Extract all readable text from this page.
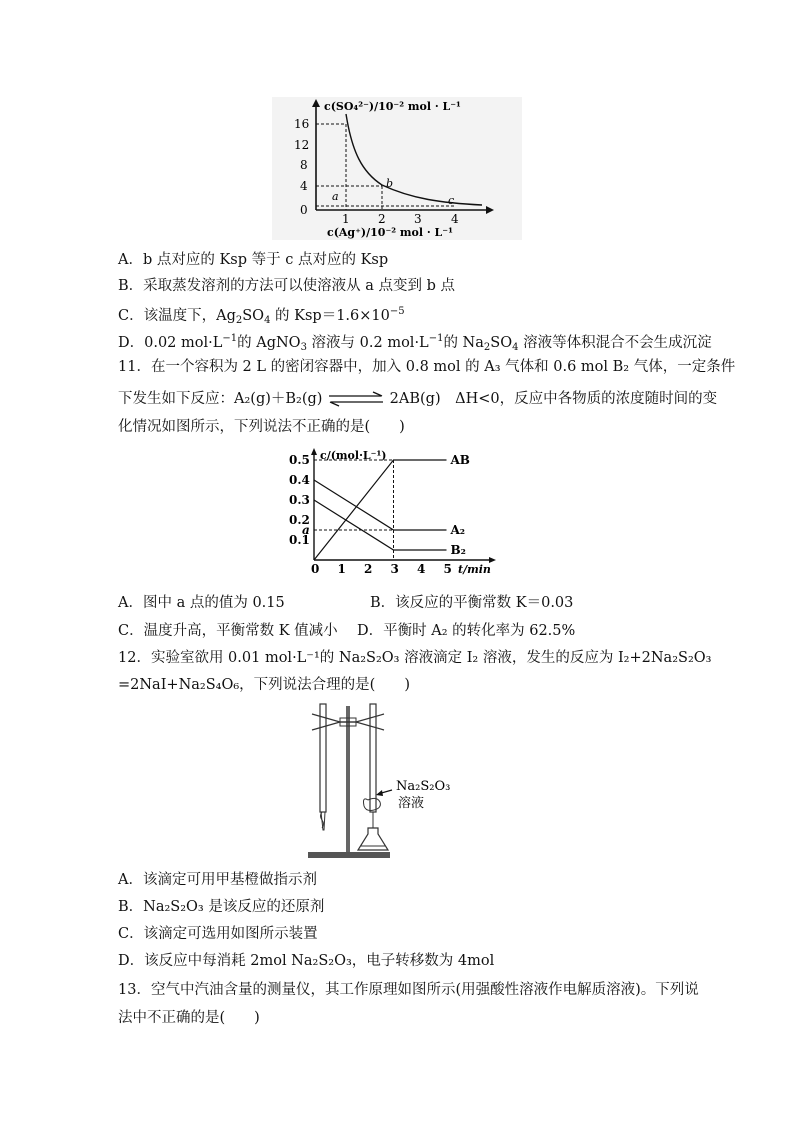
16
12
8
4
0
1 2 3 4
a
b
c
c(SO₄²⁻)/10⁻² mol · L⁻¹
c(Ag⁺)/10⁻² mol · L⁻¹
A．b 点对应的 Ksp 等于 c 点对应的 Ksp
B．采取蒸发溶剂的方法可以使溶液从 a 点变到 b 点
C．该温度下，$Ag_2SO_4$ 的 $Ksp=1.6\times 10^{-5}$
D．0.02 $mol\cdot L^{-1}$的 AgNO$_3$ 溶液与 0.2 $mol\cdot L^{-1}$的 $Na_2SO_4$ 溶液等体积混合不会生成沉淀
11．在一个容积为 2 L 的密闭容器中，加入 0.8 mol 的 A₃ 气体和 0.6 mol B₂ 气体，一定条件
下发生如下反应：A₂(g)＋B₂(g) ⇌ 2AB(g)　ΔH<0，反应中各物质的浓度随时间的变
化情况如图所示，下列说法不正确的是(　　)
c/(mol·L⁻¹)
t/min
0.5
0.4
0.3
0.2
a
0.1
0 1 2 3 4 5
AB
A₂
B₂
A．图中 a 点的值为 0.15	B．该反应的平衡常数 K＝0.03
C．温度升高，平衡常数 K 值减小 D．平衡时 A₂ 的转化率为 62.5%
12．实验室欲用 0.01 mol·L⁻¹的 Na₂S₂O₃ 溶液滴定 I₂ 溶液，发生的反应为 I₂+2Na₂S₂O₃
=2NaI+Na₂S₄O₆，下列说法合理的是(　　)
Na₂S₂O₃
溶液
A．该滴定可用甲基橙做指示剂
B．Na₂S₂O₃ 是该反应的还原剂
C．该滴定可选用如图所示装置
D．该反应中每消耗 2mol Na₂S₂O₃，电子转移数为 4mol
13．空气中汽油含量的测量仪，其工作原理如图所示(用强酸性溶液作电解质溶液)。下列说
法中不正确的是(　　)
